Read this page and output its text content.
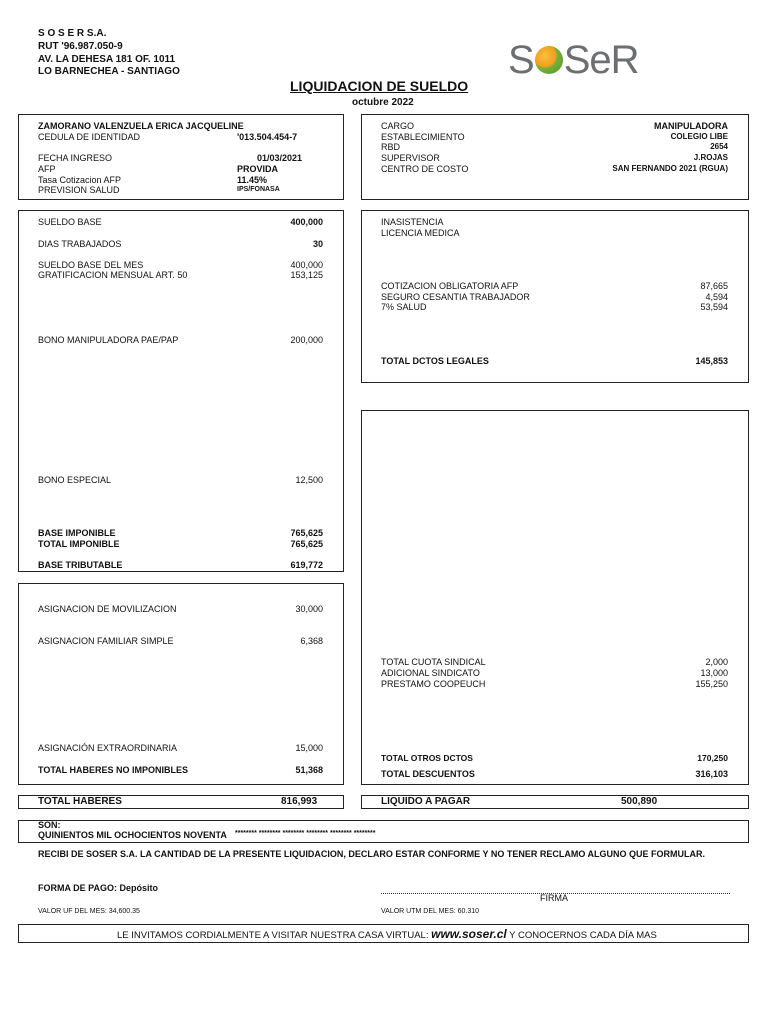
S O S E R S.A.
RUT '96.987.050-9
AV. LA DEHESA 181 OF. 1011
LO BARNECHEA - SANTIAGO	S SeR
LIQUIDACION DE SUELDO
octubre 2022
ZAMORANO VALENZUELA ERICA JACQUELINE
CEDULA DE IDENTIDAD	'013.504.454-7
FECHA INGRESO	01/03/2021
AFP	PROVIDA
Tasa Cotizacion AFP	11.45%
PREVISION SALUD	IPS/FONASA
CARGO	MANIPULADORA
ESTABLECIMIENTO	COLEGIO LIBE
RBD	2654
SUPERVISOR	J.ROJAS
CENTRO DE COSTO	SAN FERNANDO 2021 (RGUA)
SUELDO BASE	400,000
DIAS TRABAJADOS	30
SUELDO BASE DEL MES	400,000
GRATIFICACION MENSUAL ART. 50	153,125
BONO MANIPULADORA PAE/PAP	200,000
BONO ESPECIAL	12,500
BASE IMPONIBLE	765,625
TOTAL IMPONIBLE	765,625
BASE TRIBUTABLE	619,772
INASISTENCIA
LICENCIA MEDICA
COTIZACION OBLIGATORIA AFP	87,665
SEGURO CESANTIA TRABAJADOR	4,594
7% SALUD	53,594
TOTAL DCTOS LEGALES	145,853
TOTAL CUOTA SINDICAL	2,000
ADICIONAL SINDICATO	13,000
PRESTAMO COOPEUCH	155,250
TOTAL OTROS DCTOS	170,250
TOTAL DESCUENTOS	316,103
ASIGNACION DE MOVILIZACION	30,000
ASIGNACION FAMILIAR SIMPLE	6,368
ASIGNACIÓN EXTRAORDINARIA	15,000
TOTAL HABERES NO IMPONIBLES	51,368
TOTAL HABERES	816,993	LIQUIDO A PAGAR	500,890
SON:
QUINIENTOS MIL OCHOCIENTOS NOVENTA ******** ******** ******** ******** ******** ********
RECIBI DE SOSER S.A. LA CANTIDAD DE LA PRESENTE LIQUIDACION, DECLARO ESTAR CONFORME Y NO TENER RECLAMO ALGUNO QUE FORMULAR.
FORMA DE PAGO: Depósito
FIRMA
VALOR UF DEL MES: 34,600.35	VALOR UTM DEL MES: 60.310
LE INVITAMOS CORDIALMENTE A VISITAR NUESTRA CASA VIRTUAL: www.soser.cl Y CONOCERNOS CADA DÍA MAS
